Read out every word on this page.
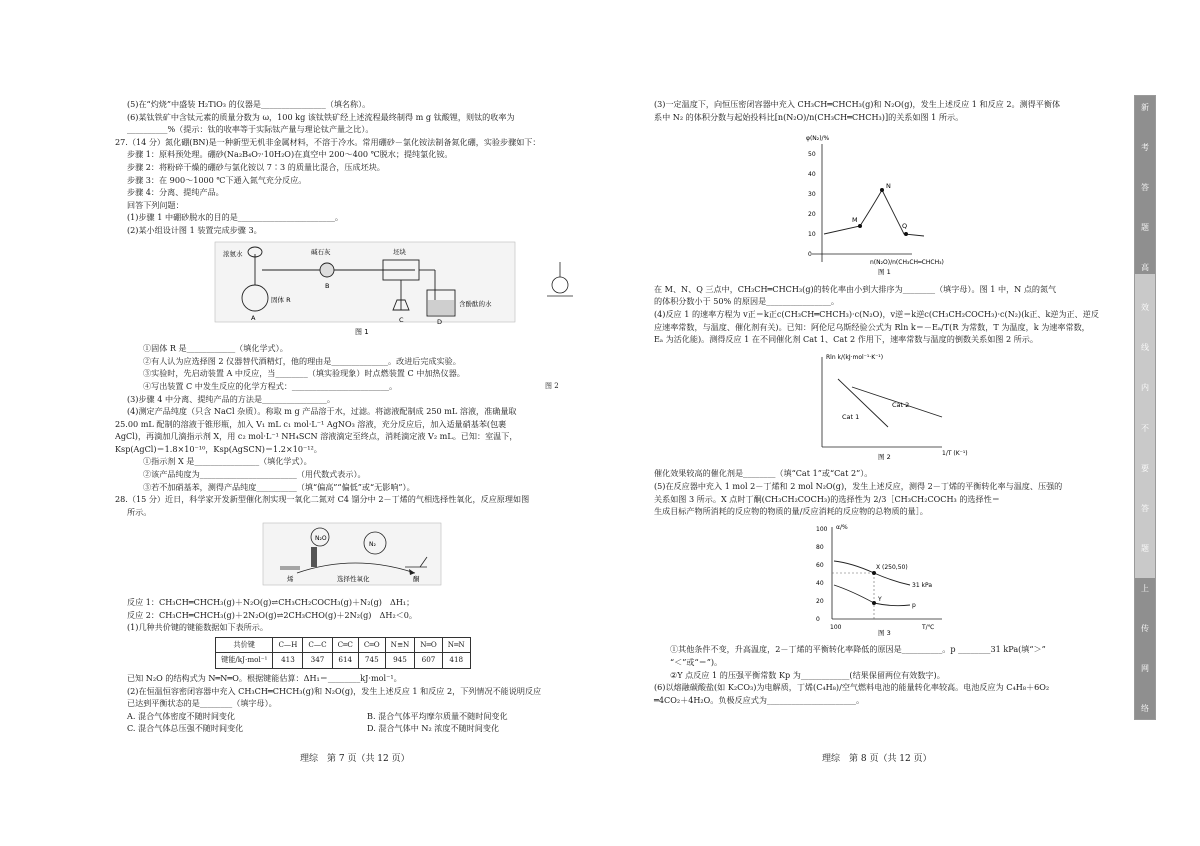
(5)在“灼烧”中盛装 H₂TiO₃ 的仪器是________________（填名称）。
(6)某钛铁矿中含钛元素的质量分数为 ω，100 kg 该钛铁矿经上述流程最终制得 m g 钛酸锂，则钛的收率为
__________%（提示：钛的收率等于实际钛产量与理论钛产量之比）。
27.（14 分）氮化硼(BN)是一种新型无机非金属材料，不溶于冷水。常用硼砂－氯化铵法制备氮化硼，实验步骤如下：
步骤 1：原料预处理。硼砂(Na₂B₄O₇·10H₂O)在真空中 200～400 ℃脱水；提纯氯化铵。
步骤 2：将粉碎干燥的硼砂与氯化铵以 7∶3 的质量比混合，压成坯块。
步骤 3：在 900～1000 ℃下通入氮气充分反应。
步骤 4：分离、提纯产品。
回答下列问题：
(1)步骤 1 中硼砂脱水的目的是________________________。
(2)某小组设计图 1 装置完成步骤 3。
浓氨水
固体 R
碱石灰
B
A
坯块
C	D
含酚酞的水
图 1
①固体 R 是____________（填化学式）。
②有人认为应选择图 2 仪器替代酒精灯，他的理由是______________。改进后完成实验。
③实验时，先启动装置 A 中反应，当________（填实验现象）时点燃装置 C 中加热仪器。
④写出装置 C 中发生反应的化学方程式：________________________。	图 2
(3)步骤 4 中分离、提纯产品的方法是________________。
(4)测定产品纯度（只含 NaCl 杂质）。称取 m g 产品溶于水，过滤。将滤液配制成 250 mL 溶液，准确量取
25.00 mL 配制的溶液于锥形瓶，加入 V₁ mL c₁ mol·L⁻¹ AgNO₃ 溶液，充分反应后，加入适量硝基苯(包裹
AgCl)，再滴加几滴指示剂 X，用 c₂ mol·L⁻¹ NH₄SCN 溶液滴定至终点，消耗滴定液 V₂ mL。已知：室温下，
Ksp(AgCl)＝1.8×10⁻¹⁰，Ksp(AgSCN)＝1.2×10⁻¹²。
①指示剂 X 是________________（填化学式）。
②该产品纯度为________________________（用代数式表示）。
③若不加硝基苯，测得产品纯度__________（填“偏高”“偏低”或“无影响”）。
28.（15 分）近日，科学家开发新型催化剂实现一氧化二氮对 C4 馏分中 2－丁烯的气相选择性氧化，反应原理如图
所示。
N₂O
N₂
烯	选择性氧化	酮
反应 1：CH₃CH═CHCH₃(g)＋N₂O(g)⇌CH₃CH₂COCH₃(g)＋N₂(g)　ΔH₁；
反应 2：CH₃CH═CHCH₃(g)＋2N₂O(g)⇌2CH₃CHO(g)＋2N₂(g)　ΔH₂＜0。
(1)几种共价键的键能数据如下表所示。
共价键	C—H	C—C	C═C	C═O	N≡N	N═O	N═N
键能/kJ·mol⁻¹	413	347	614	745	945	607	418
已知 N₂O 的结构式为 N═N═O。根据键能估算：ΔH₁＝________kJ·mol⁻¹。
(2)在恒温恒容密闭容器中充入 CH₃CH═CHCH₃(g)和 N₂O(g)，发生上述反应 1 和反应 2，下列情况不能说明反应
已达到平衡状态的是________（填字母）。
A. 混合气体密度不随时间变化	B. 混合气体平均摩尔质量不随时间变化
C. 混合气体总压强不随时间变化	D. 混合气体中 N₂ 浓度不随时间变化
理综　第 7 页（共 12 页）
(3)一定温度下，向恒压密闭容器中充入 CH₃CH═CHCH₃(g)和 N₂O(g)，发生上述反应 1 和反应 2。测得平衡体
系中 N₂ 的体积分数与起始投料比[n(N₂O)/n(CH₃CH═CHCH₃)]的关系如图 1 所示。
0
10
20
30
40
50
M
N
Q
φ(N₂)/%
n(N₂O)/n(CH₃CH═CHCH₃)
图 1
在 M、N、Q 三点中，CH₃CH═CHCH₃(g)的转化率由小到大排序为________（填字母）。图 1 中，N 点的氮气
的体积分数小于 50% 的原因是________________。
(4)反应 1 的速率方程为 v正＝k正c(CH₃CH═CHCH₃)·c(N₂O)，v逆＝k逆c(CH₃CH₂COCH₃)·c(N₂)(k正、k逆为正、逆反
应速率常数，与温度、催化剂有关)。已知：阿伦尼乌斯经验公式为 Rln k＝－Eₐ/T(R 为常数，T 为温度，k 为速率常数，
Eₐ 为活化能)。测得反应 1 在不同催化剂 Cat 1、Cat 2 作用下，速率常数与温度的倒数关系如图 2 所示。
Rln k/(kJ·mol⁻¹·K⁻¹)
1/T (K⁻¹)
Cat 1
Cat 2
图 2
催化效果较高的催化剂是________（填“Cat 1”或“Cat 2”）。
(5)在反应器中充入 1 mol 2－丁烯和 2 mol N₂O(g)，发生上述反应，测得 2－丁烯的平衡转化率与温度、压强的
关系如图 3 所示。X 点时丁酮(CH₃CH₂COCH₃)的选择性为 2/3［CH₃CH₂COCH₃ 的选择性＝
生成目标产物所消耗的反应物的物质的量/反应消耗的反应物的总物质的量］。
0
20
40
60
80
100
X (250,50)
Y
31 kPa
p
α/%
T/℃
100
图 3
①其他条件不变，升高温度，2－丁烯的平衡转化率降低的原因是__________。p ________31 kPa(填“＞”
“＜”或“＝”)。
②Y 点反应 1 的压强平衡常数 Kp 为____________(结果保留两位有效数字)。
(6)以熔融碳酸盐(如 K₂CO₃)为电解质，丁烯(C₄H₈)/空气燃料电池的能量转化率较高。电池反应为 C₄H₈＋6O₂
═4CO₂＋4H₂O。负极反应式为______________________。
理综　第 8 页（共 12 页）
新
考
答
题
高
效
线
内
不
要
答
题
上
传
网
络
